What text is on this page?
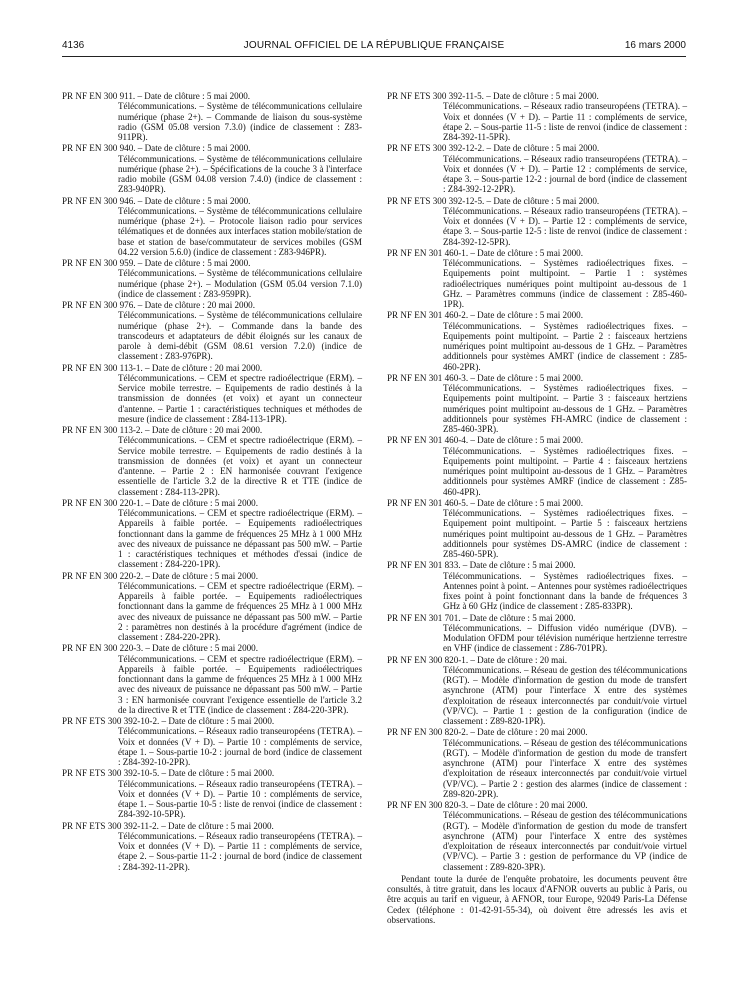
4136	JOURNAL OFFICIEL DE LA RÉPUBLIQUE FRANÇAISE	16 mars 2000
PR NF EN 300 911. – Date de clôture : 5 mai 2000.
Télécommunications. – Système de télécommunications cellulaire numérique (phase 2+). – Commande de liaison du sous-système radio (GSM 05.08 version 7.3.0) (indice de classement : Z83-911PR).
PR NF EN 300 940. – Date de clôture : 5 mai 2000.
Télécommunications. – Système de télécommunications cellulaire numérique (phase 2+). – Spécifications de la couche 3 à l'interface radio mobile (GSM 04.08 version 7.4.0) (indice de classement : Z83-940PR).
PR NF EN 300 946. – Date de clôture : 5 mai 2000.
Télécommunications. – Système de télécommunications cellulaire numérique (phase 2+). – Protocole liaison radio pour services télématiques et de données aux interfaces station mobile/station de base et station de base/commutateur de services mobiles (GSM 04.22 version 5.6.0) (indice de classement : Z83-946PR).
PR NF EN 300 959. – Date de clôture : 5 mai 2000.
Télécommunications. – Système de télécommunications cellulaire numérique (phase 2+). – Modulation (GSM 05.04 version 7.1.0) (indice de classement : Z83-959PR).
PR NF EN 300 976. – Date de clôture : 20 mai 2000.
Télécommunications. – Système de télécommunications cellulaire numérique (phase 2+). – Commande dans la bande des transcodeurs et adaptateurs de débit éloignés sur les canaux de parole à demi-débit (GSM 08.61 version 7.2.0) (indice de classement : Z83-976PR).
PR NF EN 300 113-1. – Date de clôture : 20 mai 2000.
Télécommunications. – CEM et spectre radioélectrique (ERM). – Service mobile terrestre. – Equipements de radio destinés à la transmission de données (et voix) et ayant un connecteur d'antenne. – Partie 1 : caractéristiques techniques et méthodes de mesure (indice de classement : Z84-113-1PR).
PR NF EN 300 113-2. – Date de clôture : 20 mai 2000.
Télécommunications. – CEM et spectre radioélectrique (ERM). – Service mobile terrestre. – Equipements de radio destinés à la transmission de données (et voix) et ayant un connecteur d'antenne. – Partie 2 : EN harmonisée couvrant l'exigence essentielle de l'article 3.2 de la directive R et TTE (indice de classement : Z84-113-2PR).
PR NF EN 300 220-1. – Date de clôture : 5 mai 2000.
Télécommunications. – CEM et spectre radioélectrique (ERM). – Appareils à faible portée. – Equipements radioélectriques fonctionnant dans la gamme de fréquences 25 MHz à 1 000 MHz avec des niveaux de puissance ne dépassant pas 500 mW. – Partie 1 : caractéristiques techniques et méthodes d'essai (indice de classement : Z84-220-1PR).
PR NF EN 300 220-2. – Date de clôture : 5 mai 2000.
Télécommunications. – CEM et spectre radioélectrique (ERM). – Appareils à faible portée. – Equipements radioélectriques fonctionnant dans la gamme de fréquences 25 MHz à 1 000 MHz avec des niveaux de puissance ne dépassant pas 500 mW. – Partie 2 : paramètres non destinés à la procédure d'agrément (indice de classement : Z84-220-2PR).
PR NF EN 300 220-3. – Date de clôture : 5 mai 2000.
Télécommunications. – CEM et spectre radioélectrique (ERM). – Appareils à faible portée. – Equipements radioélectriques fonctionnant dans la gamme de fréquences 25 MHz à 1 000 MHz avec des niveaux de puissance ne dépassant pas 500 mW. – Partie 3 : EN harmonisée couvrant l'exigence essentielle de l'article 3.2 de la directive R et TTE (indice de classement : Z84-220-3PR).
PR NF ETS 300 392-10-2. – Date de clôture : 5 mai 2000.
Télécommunications. – Réseaux radio transeuropéens (TETRA). – Voix et données (V + D). – Partie 10 : compléments de service, étape 1. – Sous-partie 10-2 : journal de bord (indice de classement : Z84-392-10-2PR).
PR NF ETS 300 392-10-5. – Date de clôture : 5 mai 2000.
Télécommunications. – Réseaux radio transeuropéens (TETRA). – Voix et données (V + D). – Partie 10 : compléments de service, étape 1. – Sous-partie 10-5 : liste de renvoi (indice de classement : Z84-392-10-5PR).
PR NF ETS 300 392-11-2. – Date de clôture : 5 mai 2000.
Télécommunications. – Réseaux radio transeuropéens (TETRA). – Voix et données (V + D). – Partie 11 : compléments de service, étape 2. – Sous-partie 11-2 : journal de bord (indice de classement : Z84-392-11-2PR).
PR NF ETS 300 392-11-5. – Date de clôture : 5 mai 2000.
Télécommunications. – Réseaux radio transeuropéens (TETRA). – Voix et données (V + D). – Partie 11 : compléments de service, étape 2. – Sous-partie 11-5 : liste de renvoi (indice de classement : Z84-392-11-5PR).
PR NF ETS 300 392-12-2. – Date de clôture : 5 mai 2000.
Télécommunications. – Réseaux radio transeuropéens (TETRA). – Voix et données (V + D). – Partie 12 : compléments de service, étape 3. – Sous-partie 12-2 : journal de bord (indice de classement : Z84-392-12-2PR).
PR NF ETS 300 392-12-5. – Date de clôture : 5 mai 2000.
Télécommunications. – Réseaux radio transeuropéens (TETRA). – Voix et données (V + D). – Partie 12 : compléments de service, étape 3. – Sous-partie 12-5 : liste de renvoi (indice de classement : Z84-392-12-5PR).
PR NF EN 301 460-1. – Date de clôture : 5 mai 2000.
Télécommunications. – Systèmes radioélectriques fixes. – Equipements point multipoint. – Partie 1 : systèmes radioélectriques numériques point multipoint au-dessous de 1 GHz. – Paramètres communs (indice de classement : Z85-460-1PR).
PR NF EN 301 460-2. – Date de clôture : 5 mai 2000.
Télécommunications. – Systèmes radioélectriques fixes. – Equipements point multipoint. – Partie 2 : faisceaux hertziens numériques point multipoint au-dessous de 1 GHz. – Paramètres additionnels pour systèmes AMRT (indice de classement : Z85-460-2PR).
PR NF EN 301 460-3. – Date de clôture : 5 mai 2000.
Télécommunications. – Systèmes radioélectriques fixes. – Equipements point multipoint. – Partie 3 : faisceaux hertziens numériques point multipoint au-dessous de 1 GHz. – Paramètres additionnels pour systèmes FH-AMRC (indice de classement : Z85-460-3PR).
PR NF EN 301 460-4. – Date de clôture : 5 mai 2000.
Télécommunications. – Systèmes radioélectriques fixes. – Equipements point multipoint. – Partie 4 : faisceaux hertziens numériques point multipoint au-dessous de 1 GHz. – Paramètres additionnels pour systèmes AMRF (indice de classement : Z85-460-4PR).
PR NF EN 301 460-5. – Date de clôture : 5 mai 2000.
Télécommunications. – Systèmes radioélectriques fixes. – Equipement point multipoint. – Partie 5 : faisceaux hertziens numériques point multipoint au-dessous de 1 GHz. – Paramètres additionnels pour systèmes DS-AMRC (indice de classement : Z85-460-5PR).
PR NF EN 301 833. – Date de clôture : 5 mai 2000.
Télécommunications. – Systèmes radioélectriques fixes. – Antennes point à point. – Antennes pour systèmes radioélectriques fixes point à point fonctionnant dans la bande de fréquences 3 GHz à 60 GHz (indice de classement : Z85-833PR).
PR NF EN 301 701. – Date de clôture : 5 mai 2000.
Télécommunications. – Diffusion vidéo numérique (DVB). – Modulation OFDM pour télévision numérique hertzienne terrestre en VHF (indice de classement : Z86-701PR).
PR NF EN 300 820-1. – Date de clôture : 20 mai.
Télécommunications. – Réseau de gestion des télécommunications (RGT). – Modèle d'information de gestion du mode de transfert asynchrone (ATM) pour l'interface X entre des systèmes d'exploitation de réseaux interconnectés par conduit/voie virtuel (VP/VC). – Partie 1 : gestion de la configuration (indice de classement : Z89-820-1PR).
PR NF EN 300 820-2. – Date de clôture : 20 mai 2000.
Télécommunications. – Réseau de gestion des télécommunications (RGT). – Modèle d'information de gestion du mode de transfert asynchrone (ATM) pour l'interface X entre des systèmes d'exploitation de réseaux interconnectés par conduit/voie virtuel (VP/VC). – Partie 2 : gestion des alarmes (indice de classement : Z89-820-2PR).
PR NF EN 300 820-3. – Date de clôture : 20 mai 2000.
Télécommunications. – Réseau de gestion des télécommunications (RGT). – Modèle d'information de gestion du mode de transfert asynchrone (ATM) pour l'interface X entre des systèmes d'exploitation de réseaux interconnectés par conduit/voie virtuel (VP/VC). – Partie 3 : gestion de performance du VP (indice de classement : Z89-820-3PR).
Pendant toute la durée de l'enquête probatoire, les documents peuvent être consultés, à titre gratuit, dans les locaux d'AFNOR ouverts au public à Paris, ou être acquis au tarif en vigueur, à AFNOR, tour Europe, 92049 Paris-La Défense Cedex (téléphone : 01-42-91-55-34), où doivent être adressés les avis et observations.
